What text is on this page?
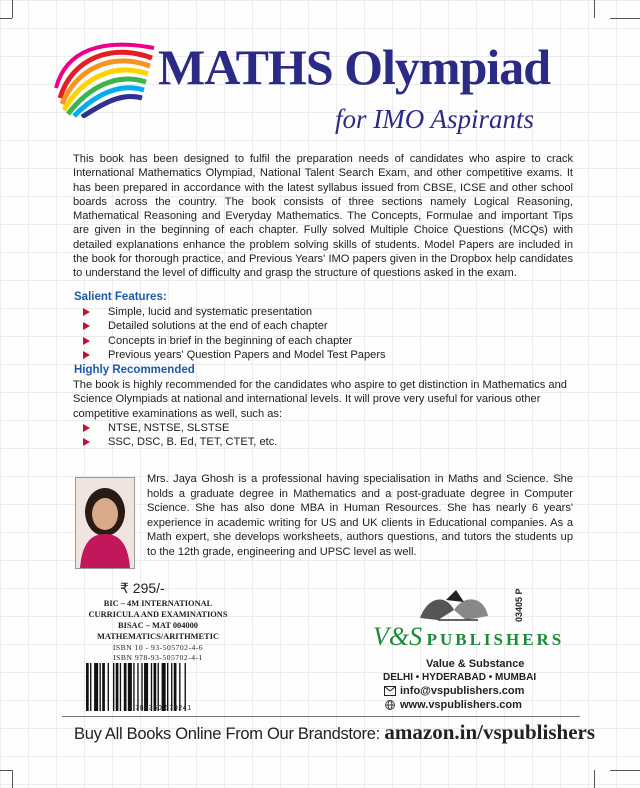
MATHS Olympiad
for IMO Aspirants

This book has been designed to fulfil the preparation needs of candidates who aspire to crack International Mathematics Olympiad, National Talent Search Exam, and other competitive exams. It has been prepared in accordance with the latest syllabus issued from CBSE, ICSE and other school boards across the country. The book consists of three sections namely Logical Reasoning, Mathematical Reasoning and Everyday Mathematics. The Concepts, Formulae and important Tips are given in the beginning of each chapter. Fully solved Multiple Choice Questions (MCQs) with detailed explanations enhance the problem solving skills of students. Model Papers are included in the book for thorough practice, and Previous Years' IMO papers given in the Dropbox help candidates to understand the level of difficulty and grasp the structure of questions asked in the exam.

Salient Features:
Simple, lucid and systematic presentation
Detailed solutions at the end of each chapter
Concepts in brief in the beginning of each chapter
Previous years' Question Papers and Model Test Papers
Highly Recommended

The book is highly recommended for the candidates who aspire to get distinction in Mathematics and Science Olympiads at national and international levels. It will prove very useful for various other competitive examinations as well, such as:

NTSE, NSTSE, SLSTSE
SSC, DSC, B. Ed, TET, CTET, etc.

Mrs. Jaya Ghosh is a professional having specialisation in Maths and Science. She holds a graduate degree in Mathematics and a post-graduate degree in Computer Science. She has also done MBA in Human Resources. She has nearly 6 years' experience in academic writing for US and UK clients in Educational companies. As a Math expert, she develops worksheets, authors questions, and tutors the students up to the 12th grade, engineering and UPSC level as well.

₹ 295/-
BIC – 4M INTERNATIONAL
CURRICULA AND EXAMINATIONS
BISAC – MAT 004000
MATHEMATICS/ARITHMETIC
ISBN 10 - 93-505702-4-6
ISBN 978-93-505702-4-1
9 789350 570241
V&S PUBLISHERS
Value & Substance
DELHI • HYDERABAD • MUMBAI
info@vspublishers.com
www.vspublishers.com
03405 P
Buy All Books Online From Our Brandstore: amazon.in/vspublishers
